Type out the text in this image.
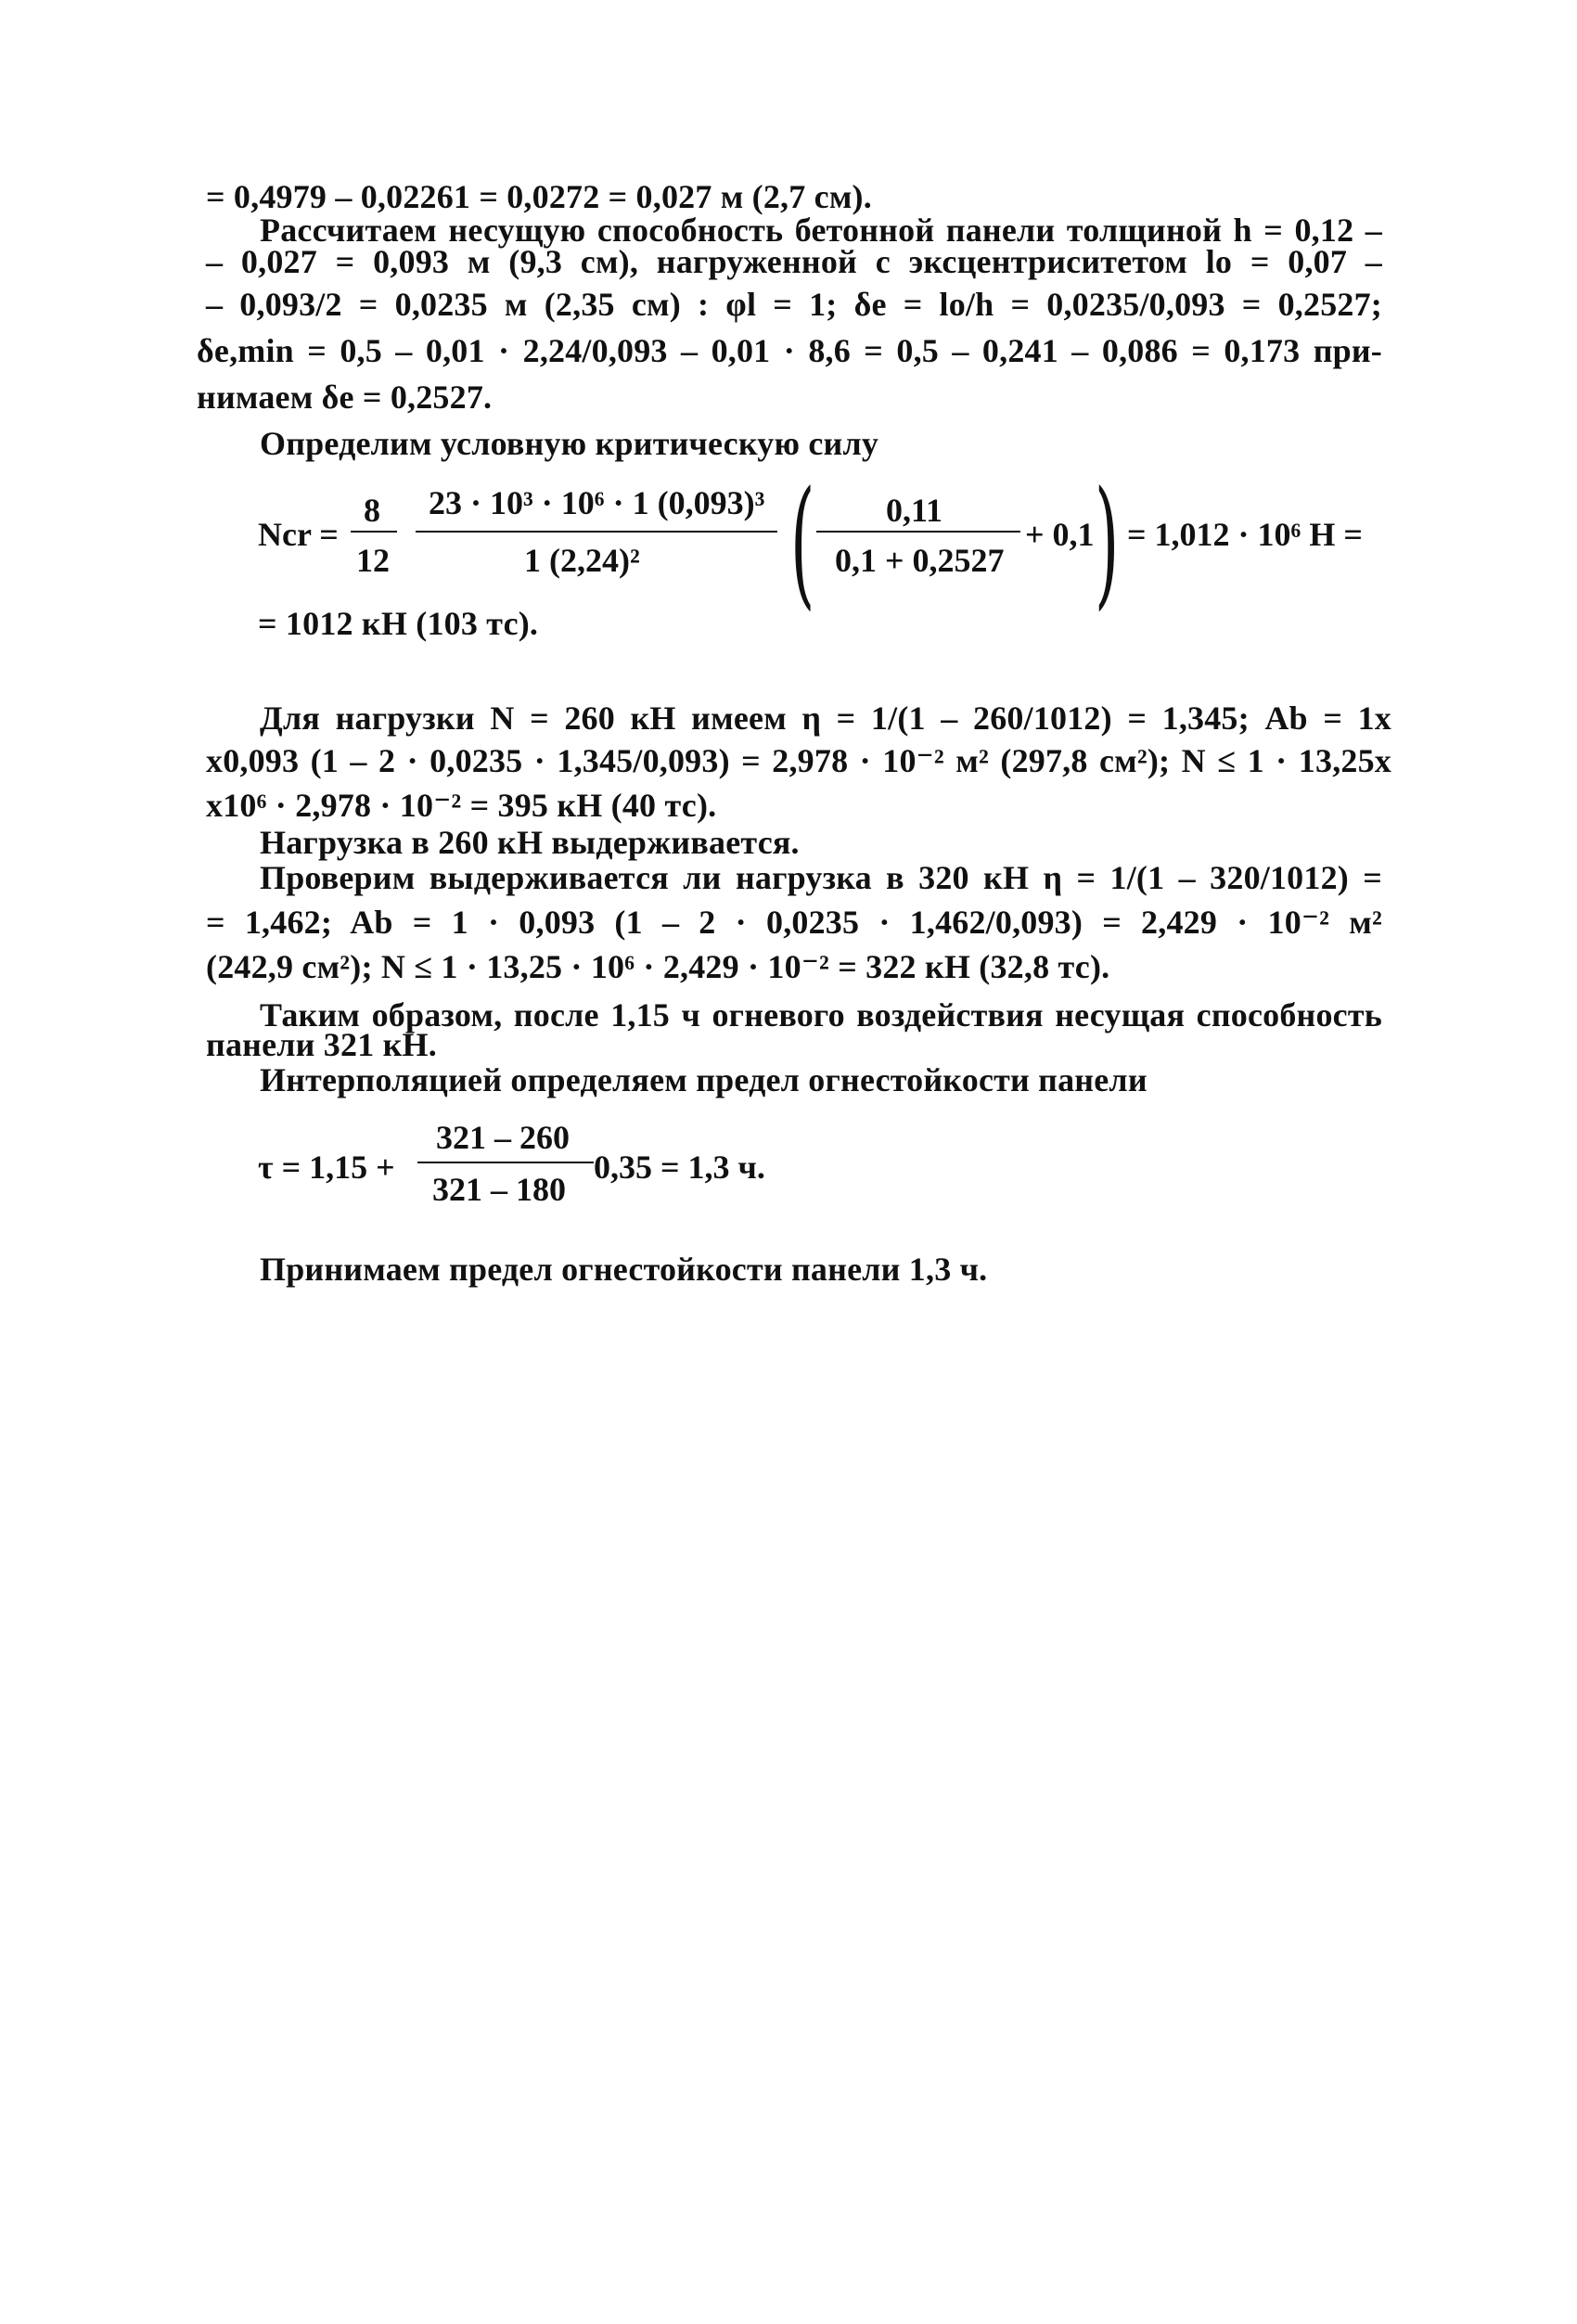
= 0,4979 – 0,02261 = 0,0272 = 0,027 м (2,7 см).
Рассчитаем несущую способность бетонной панели толщиной h = 0,12 –
– 0,027 = 0,093 м (9,3 см), нагруженной с эксцентриситетом lo = 0,07 –
– 0,093/2 = 0,0235 м (2,35 см) : φl = 1; δe = lo/h = 0,0235/0,093 = 0,2527;
δe,min = 0,5 – 0,01 · 2,24/0,093 – 0,01 · 8,6 = 0,5 – 0,241 – 0,086 = 0,173 при-
нимаем δe = 0,2527.
Определим условную критическую силу
Ncr =
8
12
23 · 10³ · 10⁶ · 1 (0,093)³
1 (2,24)² ( 0,11
0,1 + 0,2527
+ 0,1 ) = 1,012 · 10⁶ Н =
= 1012 кН (103 тс).
Для нагрузки N = 260 кН имеем η = 1/(1 – 260/1012) = 1,345; Ab = 1x
x0,093 (1 – 2 · 0,0235 · 1,345/0,093) = 2,978 · 10⁻² м² (297,8 см²); N ≤ 1 · 13,25x
x10⁶ · 2,978 · 10⁻² = 395 кН (40 тс).
Нагрузка в 260 кН выдерживается.
Проверим выдерживается ли нагрузка в 320 кН η = 1/(1 – 320/1012) =
= 1,462; Ab = 1 · 0,093 (1 – 2 · 0,0235 · 1,462/0,093) = 2,429 · 10⁻² м²
(242,9 см²); N ≤ 1 · 13,25 · 10⁶ · 2,429 · 10⁻² = 322 кН (32,8 тс).
Таким образом, после 1,15 ч огневого воздействия несущая способность
панели 321 кН.
Интерполяцией определяем предел огнестойкости панели
τ = 1,15 +
321 – 260
321 – 180
0,35 = 1,3 ч.
Принимаем предел огнестойкости панели 1,3 ч.
